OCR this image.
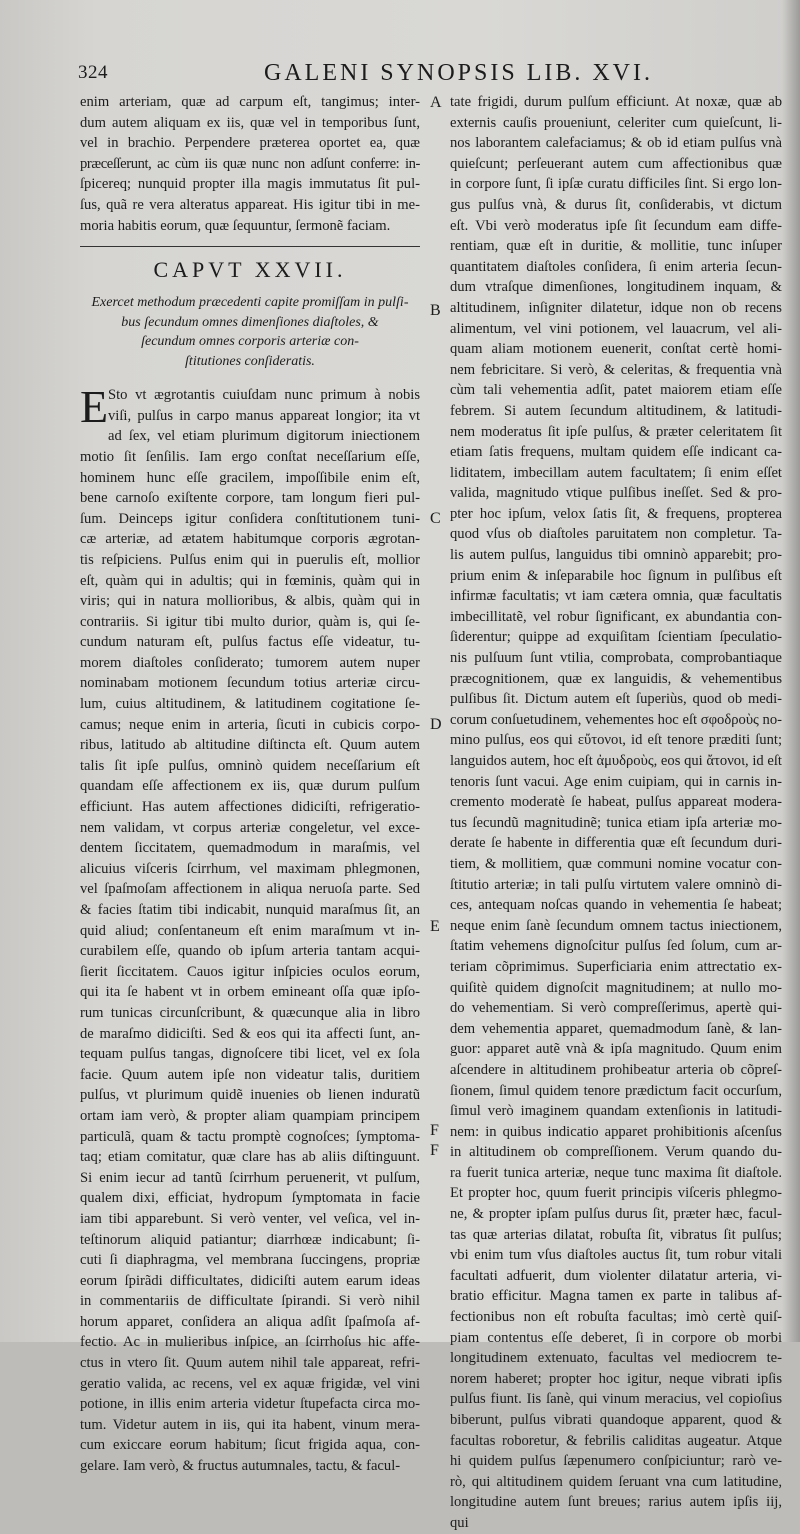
324	GALENI SYNOPSIS LIB. XVI.
enim arteriam, quæ ad carpum eſt, tangimus; inter-
dum autem aliquam ex iis, quæ vel in temporibus ſunt,
vel in brachio. Perpendere præterea oportet ea, quæ
præceſſerunt, ac cùm iis quæ nunc non adſunt conferre: in-
ſpicereq; nunquid propter illa magis immutatus ſit pul-
ſus, quã re vera alteratus appareat. His igitur tibi in me-
moria habitis eorum, quæ ſequuntur, ſermonẽ faciam.
CAPVT XXVII.
Exercet methodum præcedenti capite promiſſam in pulſi-
bus ſecundum omnes dimenſiones diaſtoles, &
ſecundum omnes corporis arteriæ con-
ſtitutiones conſideratis.
E Sto vt ægrotantis cuiuſdam nunc primum à nobis
viſi, pulſus in carpo manus appareat longior; ita vt
ad ſex, vel etiam plurimum digitorum iniectionem
motio ſit ſenſilis. Iam ergo conſtat neceſſarium eſſe,
hominem hunc eſſe gracilem, impoſſibile enim eſt,
bene carnoſo exiſtente corpore, tam longum fieri pul-
ſum. Deinceps igitur conſidera conſtitutionem tuni-
cæ arteriæ, ad ætatem habitumque corporis ægrotan-
tis reſpiciens. Pulſus enim qui in puerulis eſt, mollior
eſt, quàm qui in adultis; qui in fœminis, quàm qui in
viris; qui in natura mollioribus, & albis, quàm qui in
contrariis. Si igitur tibi multo durior, quàm is, qui ſe-
cundum naturam eſt, pulſus factus eſſe videatur, tu-
morem diaſtoles conſiderato; tumorem autem nuper
nominabam motionem ſecundum totius arteriæ circu-
lum, cuius altitudinem, & latitudinem cogitatione ſe-
camus; neque enim in arteria, ſicuti in cubicis corpo-
ribus, latitudo ab altitudine diſtincta eſt. Quum autem
talis ſit ipſe pulſus, omninò quidem neceſſarium eſt
quandam eſſe affectionem ex iis, quæ durum pulſum
efficiunt. Has autem affectiones didiciſti, refrigeratio-
nem validam, vt corpus arteriæ congeletur, vel exce-
dentem ſiccitatem, quemadmodum in maraſmis, vel
alicuius viſceris ſcirrhum, vel maximam phlegmonen,
vel ſpaſmoſam affectionem in aliqua neruoſa parte. Sed
& facies ſtatim tibi indicabit, nunquid maraſmus ſit, an
quid aliud; conſentaneum eſt enim maraſmum vt in-
curabilem eſſe, quando ob ipſum arteria tantam acqui-
ſierit ſiccitatem. Cauos igitur inſpicies oculos eorum,
qui ita ſe habent vt in orbem emineant oſſa quæ ipſo-
rum tunicas circunſcribunt, & quæcunque alia in libro
de maraſmo didiciſti. Sed & eos qui ita affecti ſunt, an-
tequam pulſus tangas, dignoſcere tibi licet, vel ex ſola
facie. Quum autem ipſe non videatur talis, duritiem
pulſus, vt plurimum quidẽ inuenies ob lienen induratũ
ortam iam verò, & propter aliam quampiam principem
particulã, quam & tactu promptè cognoſces; ſymptoma-
taq; etiam comitatur, quæ clare has ab aliis diſtinguunt.
Si enim iecur ad tantũ ſcirrhum peruenerit, vt pulſum,
qualem dixi, efficiat, hydropum ſymptomata in facie
iam tibi apparebunt. Si verò venter, vel veſica, vel in-
teſtinorum aliquid patiantur; diarrhœæ indicabunt; ſi-
cuti ſi diaphragma, vel membrana ſuccingens, propriæ
eorum ſpirãdi difficultates, didiciſti autem earum ideas
in commentariis de difficultate ſpirandi. Si verò nihil
horum apparet, conſidera an aliqua adſit ſpaſmoſa af-
fectio. Ac in mulieribus inſpice, an ſcirrhoſus hic affe-
ctus in vtero ſit. Quum autem nihil tale appareat, refri-
geratio valida, ac recens, vel ex aquæ frigidæ, vel vini
potione, in illis enim arteria videtur ſtupefacta circa mo-
tum. Videtur autem in iis, qui ita habent, vinum mera-
cum exiccare eorum habitum; ſicut frigida aqua, con-
gelare. Iam verò, & fructus autumnales, tactu, & facul-
A
B
C
D
E
F
F
tate frigidi, durum pulſum efficiunt. At noxæ, quæ ab
externis cauſis proueniunt, celeriter cum quieſcunt, li-
nos laborantem calefaciamus; & ob id etiam pulſus vnà
quieſcunt; perſeuerant autem cum affectionibus quæ
in corpore ſunt, ſi ipſæ curatu difficiles ſint. Si ergo lon-
gus pulſus vnà, & durus ſit, conſiderabis, vt dictum
eſt. Vbi verò moderatus ipſe ſit ſecundum eam diffe-
rentiam, quæ eſt in duritie, & mollitie, tunc inſuper
quantitatem diaſtoles conſidera, ſi enim arteria ſecun-
dum vtraſque dimenſiones, longitudinem inquam, &
altitudinem, inſigniter dilatetur, idque non ob recens
alimentum, vel vini potionem, vel lauacrum, vel ali-
quam aliam motionem euenerit, conſtat certè homi-
nem febricitare. Si verò, & celeritas, & frequentia vnà
cùm tali vehementia adſit, patet maiorem etiam eſſe
febrem. Si autem ſecundum altitudinem, & latitudi-
nem moderatus ſit ipſe pulſus, & præter celeritatem ſit
etiam ſatis frequens, multam quidem eſſe indicant ca-
liditatem, imbecillam autem facultatem; ſi enim eſſet
valida, magnitudo vtique pulſibus ineſſet. Sed & pro-
pter hoc ipſum, velox ſatis ſit, & frequens, propterea
quod vſus ob diaſtoles paruitatem non completur. Ta-
lis autem pulſus, languidus tibi omninò apparebit; pro-
prium enim & inſeparabile hoc ſignum in pulſibus eſt
infirmæ facultatis; vt iam cætera omnia, quæ facultatis
imbecillitatẽ, vel robur ſignificant, ex abundantia con-
ſiderentur; quippe ad exquiſitam ſcientiam ſpeculatio-
nis pulſuum ſunt vtilia, comprobata, comprobantiaque
præcognitionem, quæ ex languidis, & vehementibus
pulſibus ſit. Dictum autem eſt ſuperiùs, quod ob medi-
corum conſuetudinem, vehementes hoc eſt σφοδροὺς no-
mino pulſus, eos qui εὔτονοι, id eſt tenore præditi ſunt;
languidos autem, hoc eſt ἀμυδροὺς, eos qui ἄτονοι, id eſt
tenoris ſunt vacui. Age enim cuipiam, qui in carnis in-
cremento moderatè ſe habeat, pulſus appareat modera-
tus ſecundũ magnitudinẽ; tunica etiam ipſa arteriæ mo-
derate ſe habente in differentia quæ eſt ſecundum duri-
tiem, & mollitiem, quæ communi nomine vocatur con-
ſtitutio arteriæ; in tali pulſu virtutem valere omninò di-
ces, antequam noſcas quando in vehementia ſe habeat;
neque enim ſanè ſecundum omnem tactus iniectionem,
ſtatim vehemens dignoſcitur pulſus ſed ſolum, cum ar-
teriam cõprimimus. Superficiaria enim attrectatio ex-
quiſitè quidem dignoſcit magnitudinem; at nullo mo-
do vehementiam. Si verò compreſſerimus, apertè qui-
dem vehementia apparet, quemadmodum ſanè, & lan-
guor: apparet autẽ vnà & ipſa magnitudo. Quum enim
aſcendere in altitudinem prohibeatur arteria ob cõpreſ-
ſionem, ſimul quidem tenore prædictum facit occurſum,
ſimul verò imaginem quandam extenſionis in latitudi-
nem: in quibus indicatio apparet prohibitionis aſcenſus
in altitudinem ob compreſſionem. Verum quando du-
ra fuerit tunica arteriæ, neque tunc maxima ſit diaſtole.
Et propter hoc, quum fuerit principis viſceris phlegmo-
ne, & propter ipſam pulſus durus ſit, præter hæc, facul-
tas quæ arterias dilatat, robuſta ſit, vibratus ſit pulſus;
vbi enim tum vſus diaſtoles auctus ſit, tum robur vitali
facultati adfuerit, dum violenter dilatatur arteria, vi-
bratio efficitur. Magna tamen ex parte in talibus af-
fectionibus non eſt robuſta facultas; imò certè quiſ-
piam contentus eſſe deberet, ſi in corpore ob morbi
longitudinem extenuato, facultas vel mediocrem te-
norem haberet; propter hoc igitur, neque vibrati ipſis
pulſus fiunt. Iis ſanè, qui vinum meracius, vel copioſius
biberunt, pulſus vibrati quandoque apparent, quod &
facultas roboretur, & febrilis caliditas augeatur. Atque
hi quidem pulſus ſæpenumero conſpiciuntur; rarò ve-
rò, qui altitudinem quidem ſeruant vna cum latitudine,
longitudine autem ſunt breues; rarius autem ipſis iij,
qui
